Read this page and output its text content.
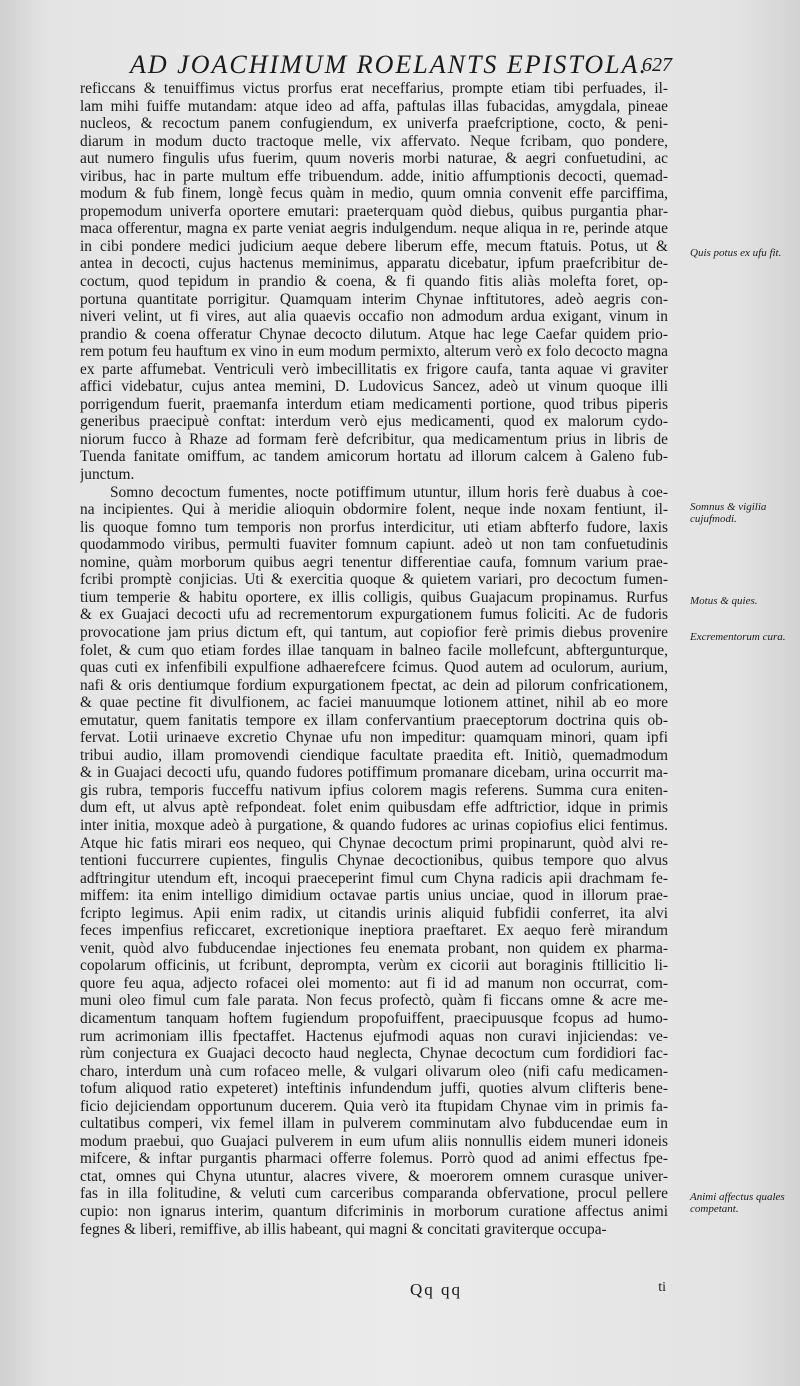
AD JOACHIMUM ROELANTS EPISTOLA.
627
reficcans & tenuiffimus victus prorfus erat neceffarius, prompte etiam tibi perfuades, il-
lam mihi fuiffe mutandam: atque ideo ad affa, paftulas illas fubacidas, amygdala, pineae
nucleos, & recoctum panem confugiendum, ex univerfa praefcriptione, cocto, & peni-
diarum in modum ducto tractoque melle, vix affervato. Neque fcribam, quo pondere,
aut numero fingulis ufus fuerim, quum noveris morbi naturae, & aegri confuetudini, ac
viribus, hac in parte multum effe tribuendum. adde, initio affumptionis decocti, quemad-
modum & fub finem, longè fecus quàm in medio, quum omnia convenit effe parciffima,
propemodum univerfa oportere emutari: praeterquam quòd diebus, quibus purgantia phar-
maca offerentur, magna ex parte veniat aegris indulgendum. neque aliqua in re, perinde atque
in cibi pondere medici judicium aeque debere liberum effe, mecum ftatuis. Potus, ut &
antea in decocti, cujus hactenus meminimus, apparatu dicebatur, ipfum praefcribitur de-
coctum, quod tepidum in prandio & coena, & fi quando fitis aliàs molefta foret, op-
portuna quantitate porrigitur. Quamquam interim Chynae inftitutores, adeò aegris con-
niveri velint, ut fi vires, aut alia quaevis occafio non admodum ardua exigant, vinum in
prandio & coena offeratur Chynae decocto dilutum. Atque hac lege Caefar quidem prio-
rem potum feu hauftum ex vino in eum modum permixto, alterum verò ex folo decocto magna
ex parte affumebat. Ventriculi verò imbecillitatis ex frigore caufa, tanta aquae vi graviter
affici videbatur, cujus antea memini, D. Ludovicus Sancez, adeò ut vinum quoque illi
porrigendum fuerit, praemanfa interdum etiam medicamenti portione, quod tribus piperis
generibus praecipuè conftat: interdum verò ejus medicamenti, quod ex malorum cydo-
niorum fucco à Rhaze ad formam ferè defcribitur, qua medicamentum prius in libris de
Tuenda fanitate omiffum, ac tandem amicorum hortatu ad illorum calcem à Galeno fub-
junctum.
Somno decoctum fumentes, nocte potiffimum utuntur, illum horis ferè duabus à coe-
na incipientes. Qui à meridie alioquin obdormire folent, neque inde noxam fentiunt, il-
lis quoque fomno tum temporis non prorfus interdicitur, uti etiam abfterfo fudore, laxis
quodammodo viribus, permulti fuaviter fomnum capiunt. adeò ut non tam confuetudinis
nomine, quàm morborum quibus aegri tenentur differentiae caufa, fomnum varium prae-
fcribi promptè conjicias. Uti & exercitia quoque & quietem variari, pro decoctum fumen-
tium temperie & habitu oportere, ex illis colligis, quibus Guajacum propinamus. Rurfus
& ex Guajaci decocti ufu ad recrementorum expurgationem fumus foliciti. Ac de fudoris
provocatione jam prius dictum eft, qui tantum, aut copiofior ferè primis diebus provenire
folet, & cum quo etiam fordes illae tanquam in balneo facile mollefcunt, abftergunturque,
quas cuti ex infenfibili expulfione adhaerefcere fcimus. Quod autem ad oculorum, aurium,
nafi & oris dentiumque fordium expurgationem fpectat, ac dein ad pilorum confricationem,
& quae pectine fit divulfionem, ac faciei manuumque lotionem attinet, nihil ab eo more
emutatur, quem fanitatis tempore ex illam confervantium praeceptorum doctrina quis ob-
fervat. Lotii urinaeve excretio Chynae ufu non impeditur: quamquam minori, quam ipfi
tribui audio, illam promovendi ciendique facultate praedita eft. Initiò, quemadmodum
& in Guajaci decocti ufu, quando fudores potiffimum promanare dicebam, urina occurrit ma-
gis rubra, temporis fucceffu nativum ipfius colorem magis referens. Summa cura eniten-
dum eft, ut alvus aptè refpondeat. folet enim quibusdam effe adftrictior, idque in primis
inter initia, moxque adeò à purgatione, & quando fudores ac urinas copiofius elici fentimus.
Atque hic fatis mirari eos nequeo, qui Chynae decoctum primi propinarunt, quòd alvi re-
tentioni fuccurrere cupientes, fingulis Chynae decoctionibus, quibus tempore quo alvus
adftringitur utendum eft, incoqui praeceperint fimul cum Chyna radicis apii drachmam fe-
miffem: ita enim intelligo dimidium octavae partis unius unciae, quod in illorum prae-
fcripto legimus. Apii enim radix, ut citandis urinis aliquid fubfidii conferret, ita alvi
feces impenfius reficcaret, excretionique ineptiora praeftaret. Ex aequo ferè mirandum
venit, quòd alvo fubducendae injectiones feu enemata probant, non quidem ex pharma-
copolarum officinis, ut fcribunt, deprompta, verùm ex cicorii aut boraginis ftillicitio li-
quore feu aqua, adjecto rofacei olei momento: aut fi id ad manum non occurrat, com-
muni oleo fimul cum fale parata. Non fecus profectò, quàm fi ficcans omne & acre me-
dicamentum tanquam hoftem fugiendum propofuiffent, praecipuusque fcopus ad humo-
rum acrimoniam illis fpectaffet. Hactenus ejufmodi aquas non curavi injiciendas: ve-
rùm conjectura ex Guajaci decocto haud neglecta, Chynae decoctum cum fordidiori fac-
charo, interdum unà cum rofaceo melle, & vulgari olivarum oleo (nifi cafu medicamen-
tofum aliquod ratio expeteret) inteftinis infundendum juffi, quoties alvum clifteris bene-
ficio dejiciendam opportunum ducerem. Quia verò ita ftupidam Chynae vim in primis fa-
cultatibus comperi, vix femel illam in pulverem comminutam alvo fubducendae eum in
modum praebui, quo Guajaci pulverem in eum ufum aliis nonnullis eidem muneri idoneis
mifcere, & inftar purgantis pharmaci offerre folemus. Porrò quod ad animi effectus fpe-
ctat, omnes qui Chyna utuntur, alacres vivere, & moerorem omnem curasque univer-
fas in illa folitudine, & veluti cum carceribus comparanda obfervatione, procul pellere
cupio: non ignarus interim, quantum difcriminis in morborum curatione affectus animi
fegnes & liberi, remiffive, ab illis habeant, qui magni & concitati graviterque occupa-
Quis potus ex ufu fit.
Somnus & vigilia cujufmodi.
Motus & quies.
Excrementorum cura.
Animi affectus quales competant.
Qq qq	ti
